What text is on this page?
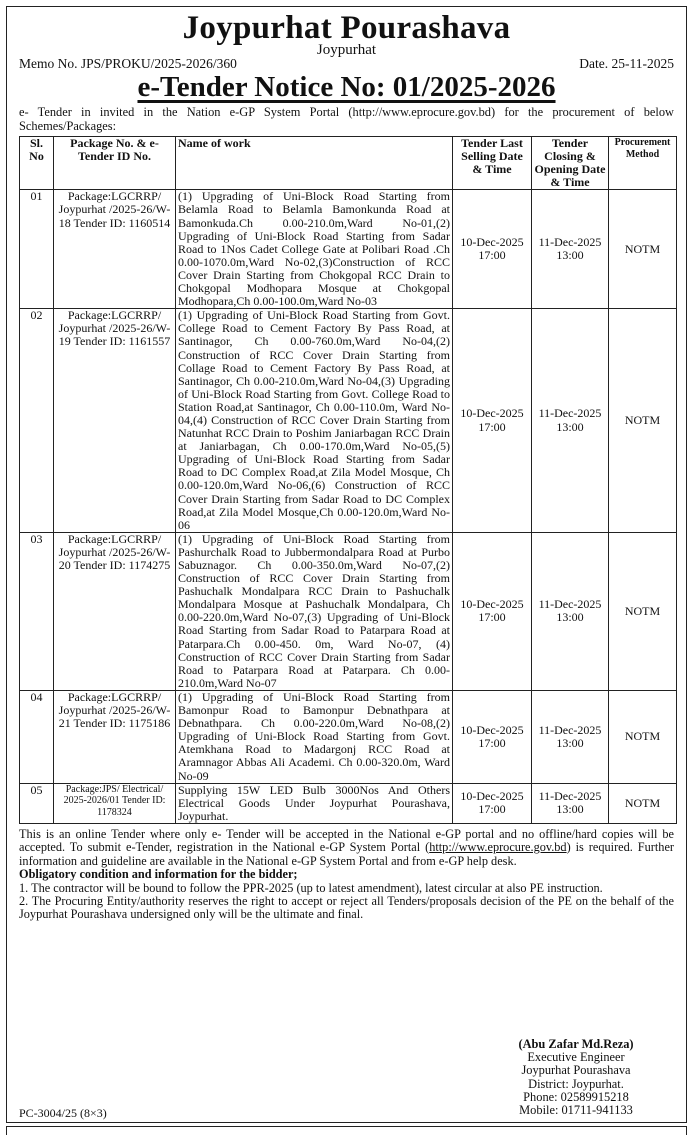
Joypurhat Pourashava
Joypurhat
Memo No. JPS/PROKU/2025-2026/360	Date. 25-11-2025
e-Tender Notice No: 01/2025-2026
e- Tender in invited in the Nation e-GP System Portal (http://www.eprocure.gov.bd) for the procurement of below Schemes/Packages:
Sl. No	Package No. & e-Tender ID No.	Name of work	Tender Last Selling Date & Time	Tender Closing & Opening Date & Time	Procurement Method
01	Package:LGCRRP/ Joypurhat /2025-26/W-18 Tender ID: 1160514	(1) Upgrading of Uni-Block Road Starting from Belamla Road to Belamla Bamonkunda Road at Bamonkuda.Ch 0.00-210.0m,Ward No-01,(2) Upgrading of Uni-Block Road Starting from Sadar Road to 1Nos Cadet College Gate at Polibari Road .Ch 0.00-1070.0m,Ward No-02,(3)Construction of RCC Cover Drain Starting from Chokgopal RCC Drain to Chokgopal Modhopara Mosque at Chokgopal Modhopara,Ch 0.00-100.0m,Ward No-03	10-Dec-2025 17:00	11-Dec-2025 13:00	NOTM
02	Package:LGCRRP/ Joypurhat /2025-26/W-19 Tender ID: 1161557	(1) Upgrading of Uni-Block Road Starting from Govt. College Road to Cement Factory By Pass Road, at Santinagor, Ch 0.00-760.0m,Ward No-04,(2) Construction of RCC Cover Drain Starting from Collage Road to Cement Factory By Pass Road, at Santinagor, Ch 0.00-210.0m,Ward No-04,(3) Upgrading of Uni-Block Road Starting from Govt. College Road to Station Road,at Santinagor, Ch 0.00-110.0m, Ward No-04,(4) Construction of RCC Cover Drain Starting from Natunhat RCC Drain to Poshim Janiarbagan RCC Drain at Janiarbagan, Ch 0.00-170.0m,Ward No-05,(5) Upgrading of Uni-Block Road Starting from Sadar Road to DC Complex Road,at Zila Model Mosque, Ch 0.00-120.0m,Ward No-06,(6) Construction of RCC Cover Drain Starting from Sadar Road to DC Complex Road,at Zila Model Mosque,Ch 0.00-120.0m,Ward No-06	10-Dec-2025 17:00	11-Dec-2025 13:00	NOTM
03	Package:LGCRRP/ Joypurhat /2025-26/W-20 Tender ID: 1174275	(1) Upgrading of Uni-Block Road Starting from Pashurchalk Road to Jubbermondalpara Road at Purbo Sabuznagor. Ch 0.00-350.0m,Ward No-07,(2) Construction of RCC Cover Drain Starting from Pashuchalk Mondalpara RCC Drain to Pashuchalk Mondalpara Mosque at Pashuchalk Mondalpara, Ch 0.00-220.0m,Ward No-07,(3) Upgrading of Uni-Block Road Starting from Sadar Road to Patarpara Road at Patarpara.Ch 0.00-450. 0m, Ward No-07, (4) Construction of RCC Cover Drain Starting from Sadar Road to Patarpara Road at Patarpara. Ch 0.00-210.0m,Ward No-07	10-Dec-2025 17:00	11-Dec-2025 13:00	NOTM
04	Package:LGCRRP/ Joypurhat /2025-26/W-21 Tender ID: 1175186	(1) Upgrading of Uni-Block Road Starting from Bamonpur Road to Bamonpur Debnathpara at Debnathpara. Ch 0.00-220.0m,Ward No-08,(2) Upgrading of Uni-Block Road Starting from Govt. Atemkhana Road to Madargonj RCC Road at Aramnagor Abbas Ali Academi. Ch 0.00-320.0m, Ward No-09	10-Dec-2025 17:00	11-Dec-2025 13:00	NOTM
05	Package:JPS/ Electrical/ 2025-2026/01 Tender ID: 1178324	Supplying 15W LED Bulb 3000Nos And Others Electrical Goods Under Joypurhat Pourashava, Joypurhat.	10-Dec-2025 17:00	11-Dec-2025 13:00	NOTM

This is an online Tender where only e- Tender will be accepted in the National e-GP portal and no offline/hard copies will be accepted. To submit e-Tender, registration in the National e-GP System Portal (http://www.eprocure.gov.bd) is required. Further information and guideline are available in the National e-GP System Portal and from e-GP help desk.

Obligatory condition and information for the bidder;

1. The contractor will be bound to follow the PPR-2025 (up to latest amendment), latest circular at also PE instruction.

2. The Procuring Entity/authority reserves the right to accept or reject all Tenders/proposals decision of the PE on the behalf of the Joypurhat Pourashava undersigned only will be the ultimate and final.

(Abu Zafar Md.Reza)
Executive Engineer
Joypurhat Pourashava
District: Joypurhat.
Phone: 02589915218
Mobile: 01711-941133
PC-3004/25 (8×3)
